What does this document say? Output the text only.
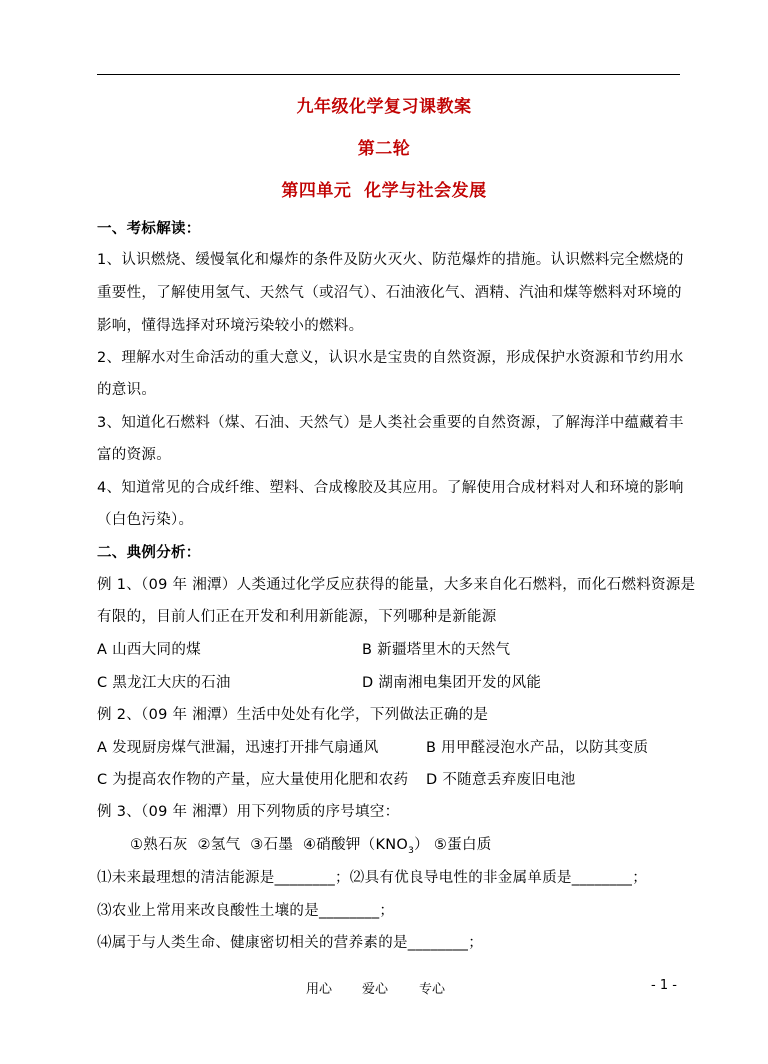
九年级化学复习课教案
第二轮
第四单元  化学与社会发展
一、考标解读：
1、认识燃烧、缓慢氧化和爆炸的条件及防火灭火、防范爆炸的措施。认识燃料完全燃烧的
重要性，了解使用氢气、天然气（或沼气）、石油液化气、酒精、汽油和煤等燃料对环境的
影响，懂得选择对环境污染较小的燃料。
2、理解水对生命活动的重大意义，认识水是宝贵的自然资源，形成保护水资源和节约用水
的意识。
3、知道化石燃料（煤、石油、天然气）是人类社会重要的自然资源，了解海洋中蕴藏着丰
富的资源。
4、知道常见的合成纤维、塑料、合成橡胶及其应用。了解使用合成材料对人和环境的影响
（白色污染）。
二、典例分析：
例 1、（09 年 湘潭）人类通过化学反应获得的能量，大多来自化石燃料，而化石燃料资源是
有限的，目前人们正在开发和利用新能源，下列哪种是新能源
A 山西大同的煤	B 新疆塔里木的天然气
C 黑龙江大庆的石油	D 湖南湘电集团开发的风能
例 2、（09 年 湘潭）生活中处处有化学，下列做法正确的是
A 发现厨房煤气泄漏，迅速打开排气扇通风	B 用甲醛浸泡水产品，以防其变质
C 为提高农作物的产量，应大量使用化肥和农药 D 不随意丢弃废旧电池
例 3、（09 年 湘潭）用下列物质的序号填空：
①熟石灰  ②氢气  ③石墨  ④硝酸钾$(KNO_3)$ ⑤蛋白质
⑴未来最理想的清洁能源是________；⑵具有优良导电性的非金属单质是________；
⑶农业上常用来改良酸性土壤的是________；
⑷属于与人类生命、健康密切相关的营养素的是________；
用心 爱心 专心	- 1 -
